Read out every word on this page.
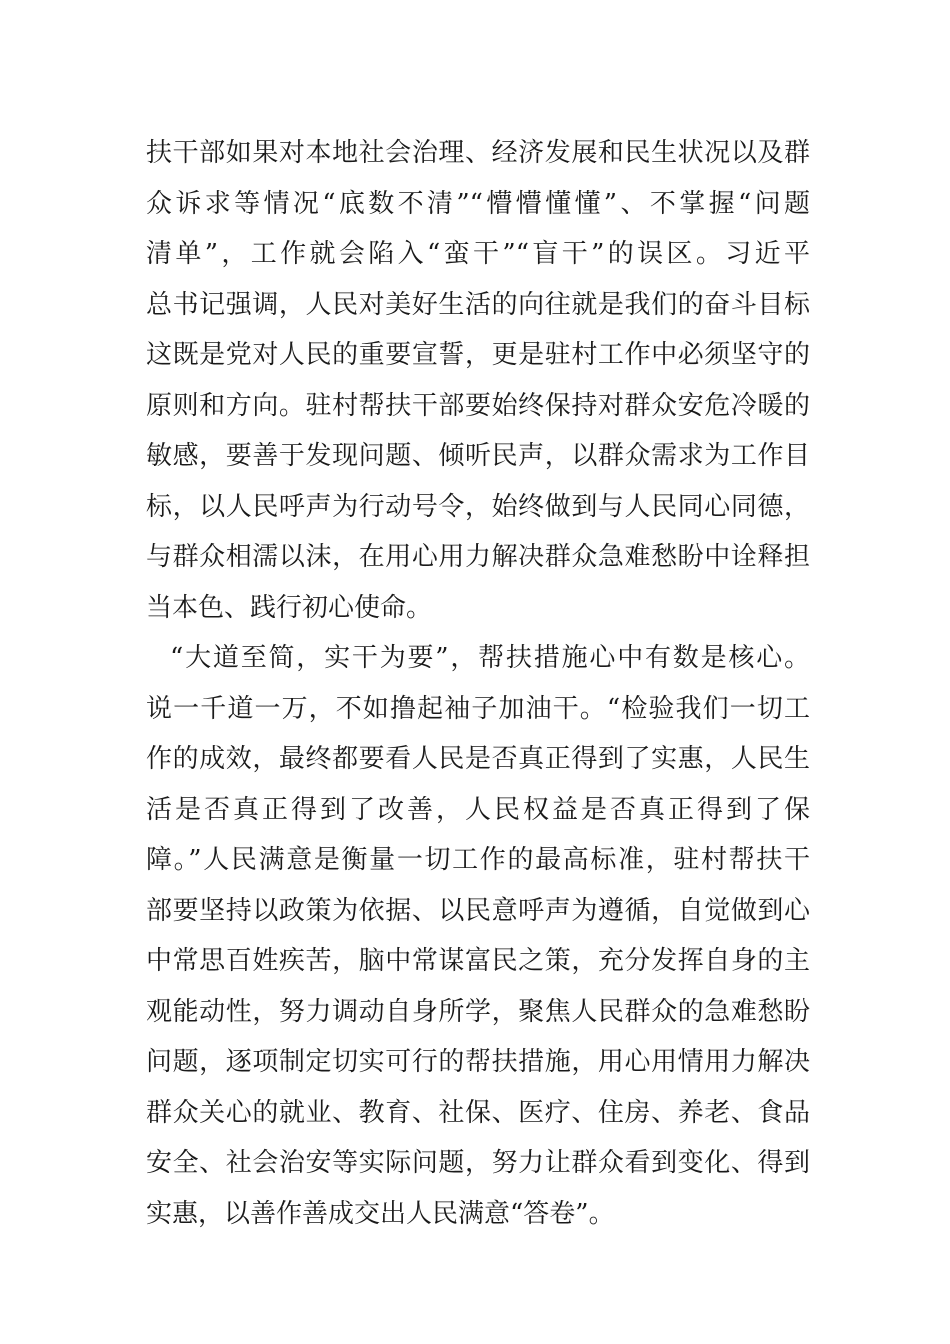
扶干部如果对本地社会治理、经济发展和民生状况以及群
众诉求等情况“底数不清”“懵懵懂懂”、不掌握“问题
清单”，工作就会陷入“蛮干”“盲干”的误区。习近平
总书记强调，人民对美好生活的向往就是我们的奋斗目标
这既是党对人民的重要宣誓，更是驻村工作中必须坚守的
原则和方向。驻村帮扶干部要始终保持对群众安危冷暖的
敏感，要善于发现问题、倾听民声，以群众需求为工作目
标，以人民呼声为行动号令，始终做到与人民同心同德，
与群众相濡以沫，在用心用力解决群众急难愁盼中诠释担
当本色、践行初心使命。
“大道至简，实干为要”，帮扶措施心中有数是核心。
说一千道一万，不如撸起袖子加油干。“检验我们一切工
作的成效，最终都要看人民是否真正得到了实惠，人民生
活是否真正得到了改善，人民权益是否真正得到了保
障。”人民满意是衡量一切工作的最高标准，驻村帮扶干
部要坚持以政策为依据、以民意呼声为遵循，自觉做到心
中常思百姓疾苦，脑中常谋富民之策，充分发挥自身的主
观能动性，努力调动自身所学，聚焦人民群众的急难愁盼
问题，逐项制定切实可行的帮扶措施，用心用情用力解决
群众关心的就业、教育、社保、医疗、住房、养老、食品
安全、社会治安等实际问题，努力让群众看到变化、得到
实惠，以善作善成交出人民满意“答卷”。
